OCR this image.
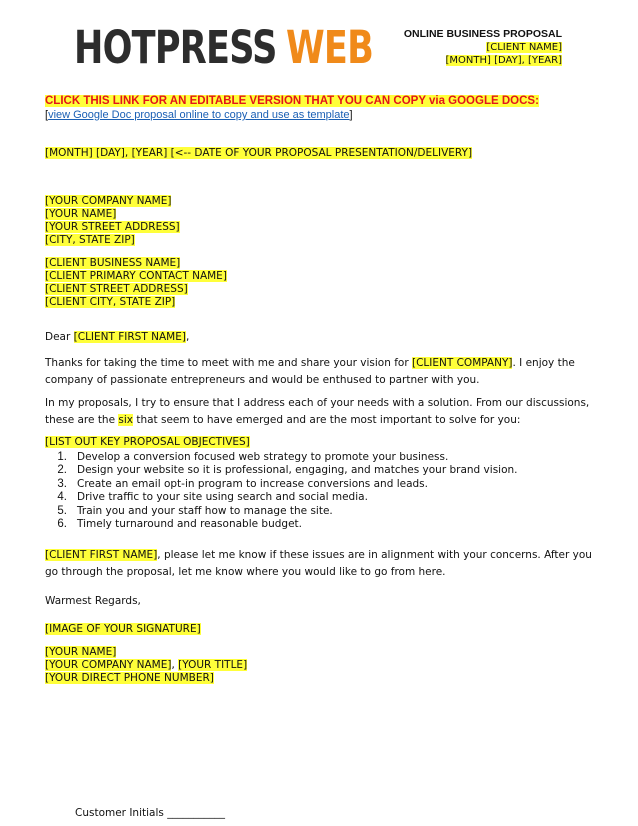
HOTPRESS WEB	ONLINE BUSINESS PROPOSAL
[CLIENT NAME]
[MONTH] [DAY], [YEAR]
CLICK THIS LINK FOR AN EDITABLE VERSION THAT YOU CAN COPY via GOOGLE DOCS:
[view Google Doc proposal online to copy and use as template]
[MONTH] [DAY], [YEAR] [<-- DATE OF YOUR PROPOSAL PRESENTATION/DELIVERY]
[YOUR COMPANY NAME]
[YOUR NAME]
[YOUR STREET ADDRESS]
[CITY, STATE ZIP]
[CLIENT BUSINESS NAME]
[CLIENT PRIMARY CONTACT NAME]
[CLIENT STREET ADDRESS]
[CLIENT CITY, STATE ZIP]
Dear [CLIENT FIRST NAME],
Thanks for taking the time to meet with me and share your vision for [CLIENT COMPANY]. I enjoy the company of passionate entrepreneurs and would be enthused to partner with you.
In my proposals, I try to ensure that I address each of your needs with a solution. From our discussions, these are the six that seem to have emerged and are the most important to solve for you:
[LIST OUT KEY PROPOSAL OBJECTIVES]
1. Develop a conversion focused web strategy to promote your business.
2. Design your website so it is professional, engaging, and matches your brand vision.
3. Create an email opt-in program to increase conversions and leads.
4. Drive traffic to your site using search and social media.
5. Train you and your staff how to manage the site.
6. Timely turnaround and reasonable budget.
[CLIENT FIRST NAME], please let me know if these issues are in alignment with your concerns. After you go through the proposal, let me know where you would like to go from here.
Warmest Regards,
[IMAGE OF YOUR SIGNATURE]
[YOUR NAME]
[YOUR COMPANY NAME], [YOUR TITLE]
[YOUR DIRECT PHONE NUMBER]
Customer Initials ___________
